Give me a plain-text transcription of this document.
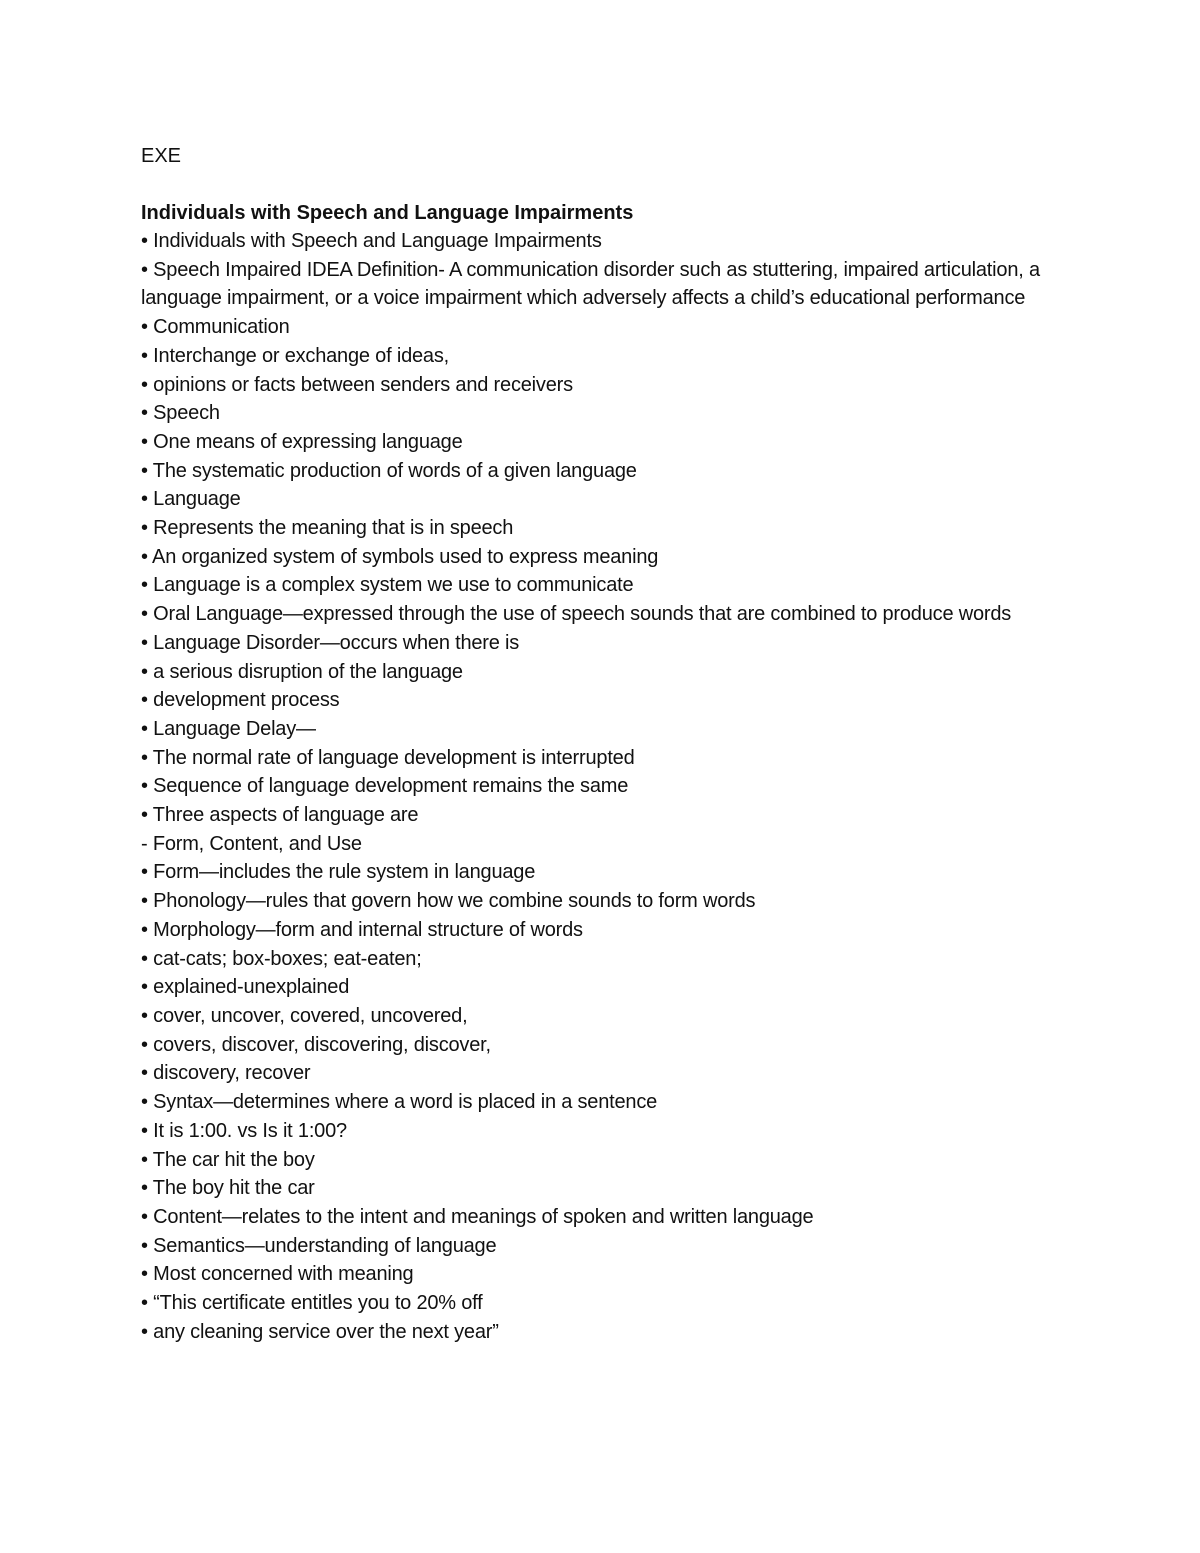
EXE

Individuals with Speech and Language Impairments
• Individuals with Speech and Language Impairments
• Speech Impaired IDEA Definition- A communication disorder such as stuttering, impaired articulation, a language impairment, or a voice impairment which adversely affects a child’s educational performance
• Communication
• Interchange or exchange of ideas,
• opinions or facts between senders and receivers
• Speech
• One means of expressing language
• The systematic production of words of a given language
• Language
• Represents the meaning that is in speech
• An organized system of symbols used to express meaning
• Language is a complex system we use to communicate
• Oral Language—expressed through the use of speech sounds that are combined to produce words
• Language Disorder—occurs when there is
• a serious disruption of the language
• development process
• Language Delay—
• The normal rate of language development is interrupted
• Sequence of language development remains the same
• Three aspects of language are
- Form, Content, and Use
• Form—includes the rule system in language
• Phonology—rules that govern how we combine sounds to form words
• Morphology—form and internal structure of words
• cat-cats; box-boxes; eat-eaten;
• explained-unexplained
• cover, uncover, covered, uncovered,
• covers, discover, discovering, discover,
• discovery, recover
• Syntax—determines where a word is placed in a sentence
• It is 1:00. vs Is it 1:00?
• The car hit the boy
• The boy hit the car
• Content—relates to the intent and meanings of spoken and written language
• Semantics—understanding of language
• Most concerned with meaning
• “This certificate entitles you to 20% off
• any cleaning service over the next year”
